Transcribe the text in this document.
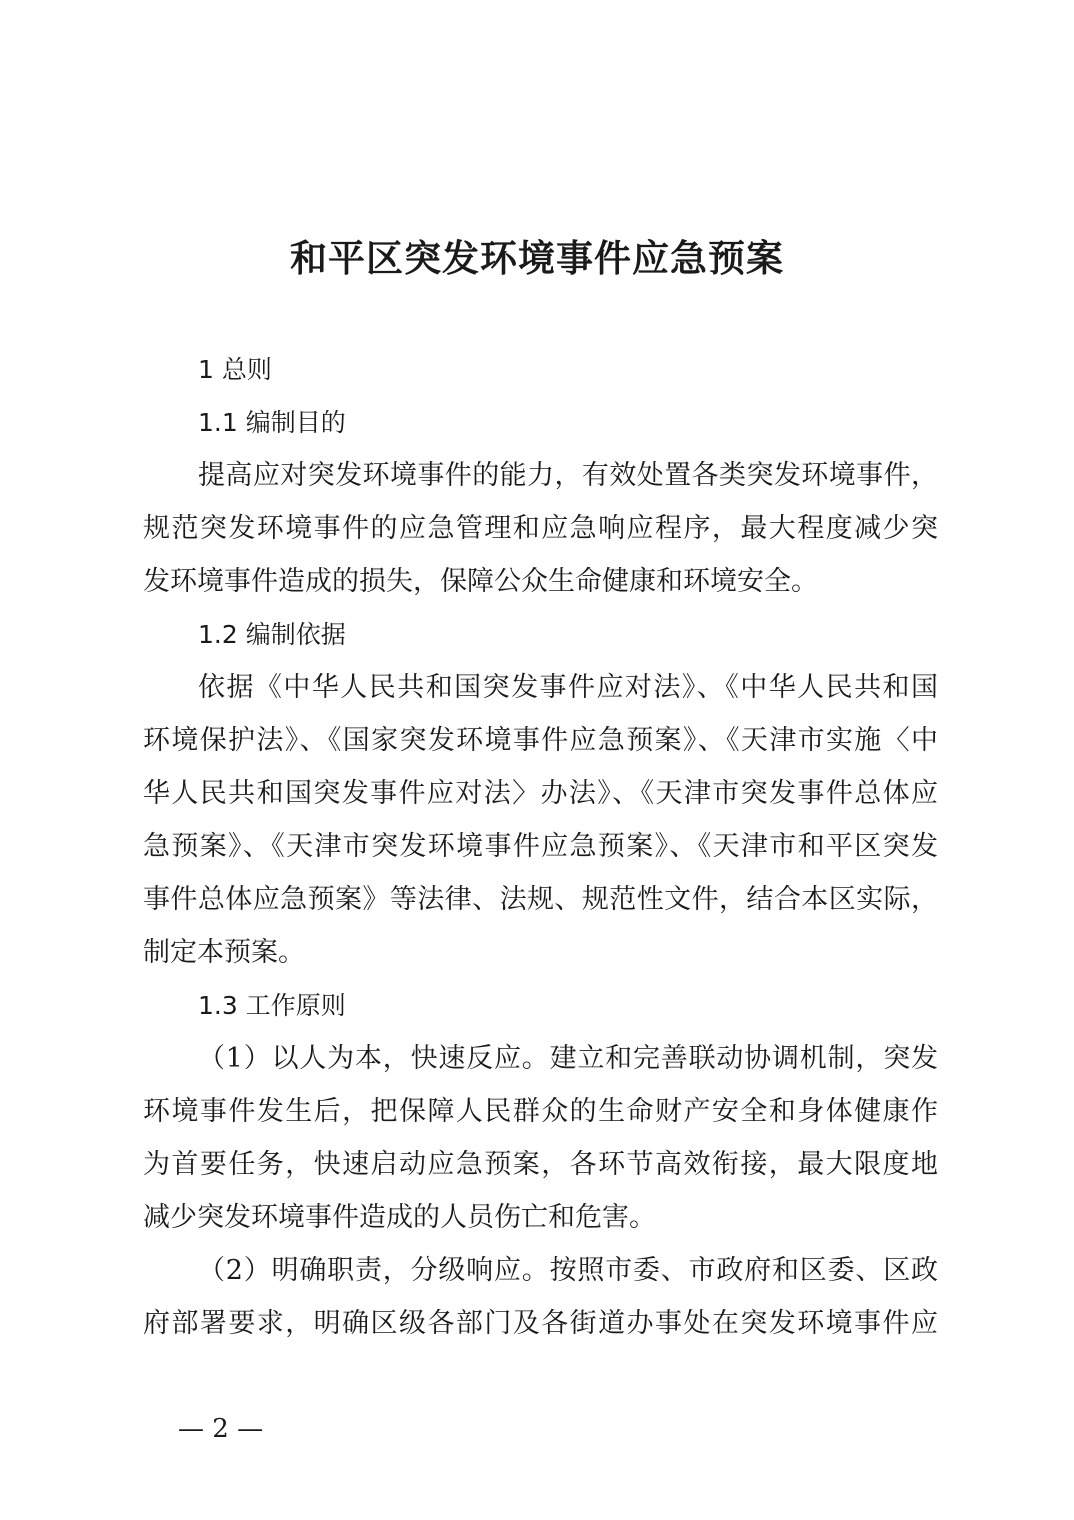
和平区突发环境事件应急预案
1 总则
1.1 编制目的
提高应对突发环境事件的能力，有效处置各类突发环境事件，
规范突发环境事件的应急管理和应急响应程序，最大程度减少突
发环境事件造成的损失，保障公众生命健康和环境安全。
1.2 编制依据
依据《中华人民共和国突发事件应对法》、《中华人民共和国
环境保护法》、《国家突发环境事件应急预案》、《天津市实施〈中
华人民共和国突发事件应对法〉办法》、《天津市突发事件总体应
急预案》、《天津市突发环境事件应急预案》、《天津市和平区突发
事件总体应急预案》等法律、法规、规范性文件，结合本区实际，
制定本预案。
1.3 工作原则
（1）以人为本，快速反应。建立和完善联动协调机制，突发
环境事件发生后，把保障人民群众的生命财产安全和身体健康作
为首要任务，快速启动应急预案，各环节高效衔接，最大限度地
减少突发环境事件造成的人员伤亡和危害。
（2）明确职责，分级响应。按照市委、市政府和区委、区政
府部署要求，明确区级各部门及各街道办事处在突发环境事件应
— 2 —
